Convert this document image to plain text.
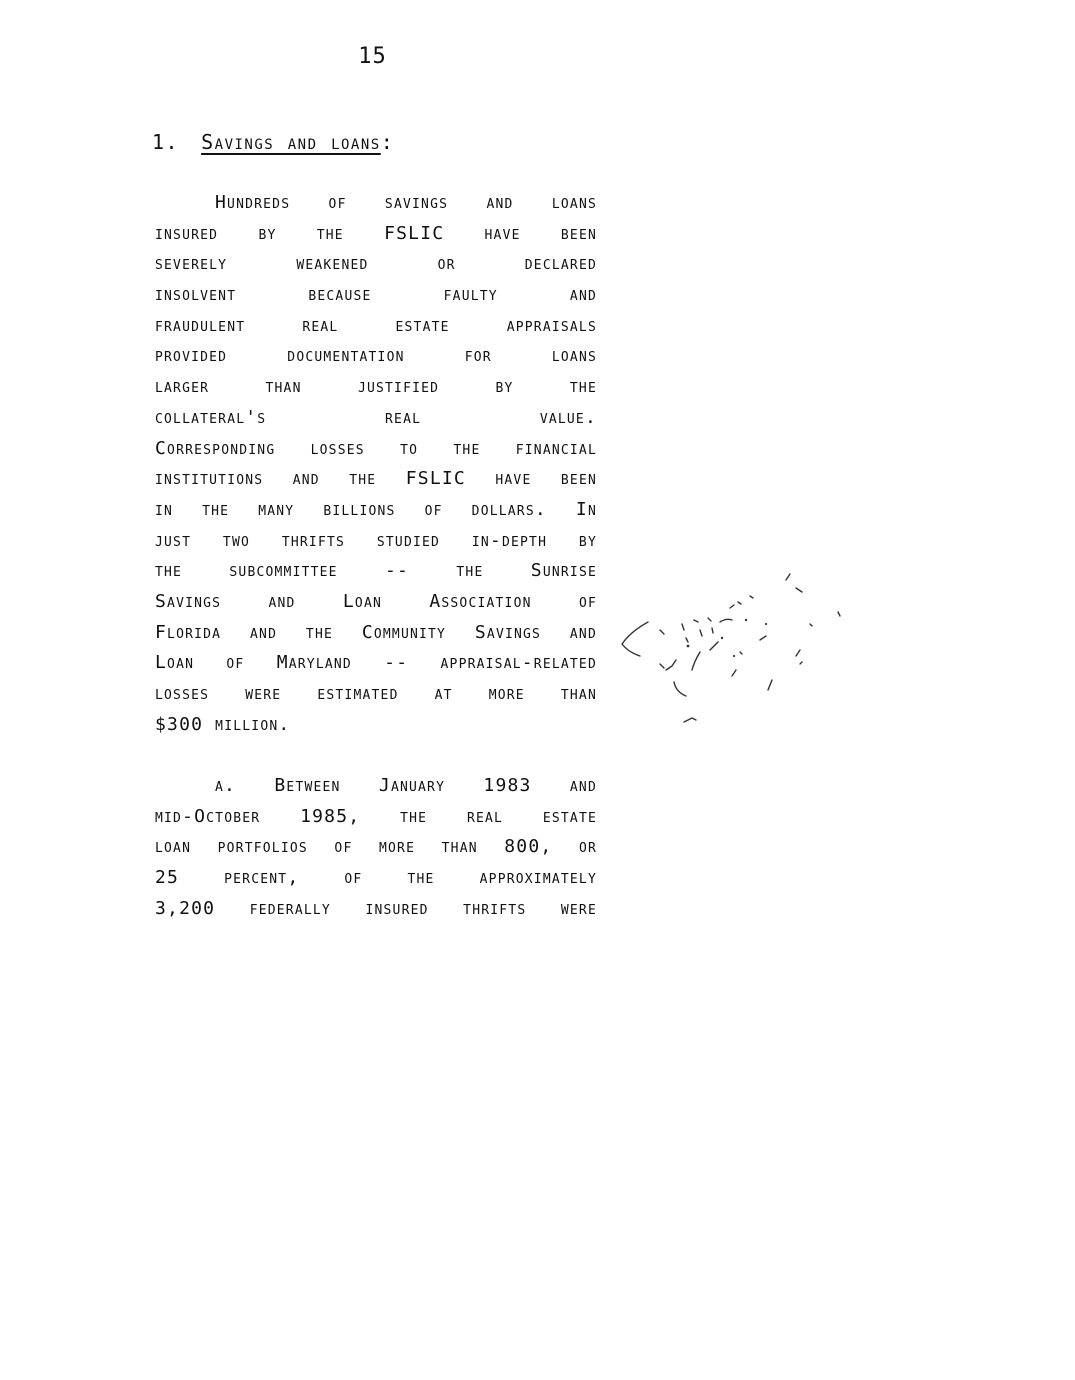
15
1. Savings and loans:
Hundreds of savings and loans
insured by the FSLIC have been
severely weakened or declared
insolvent because faulty and
fraudulent real estate appraisals
provided documentation for loans
larger than justified by the
collateral's real value.
Corresponding losses to the financial
institutions and the FSLIC have been
in the many billions of dollars. In
just two thrifts studied in-depth by
the subcommittee -- the Sunrise
Savings and Loan Association of
Florida and the Community Savings and
Loan of Maryland -- appraisal-related
losses were estimated at more than
$300 million.
a. Between January 1983 and
mid-October 1985, the real estate
loan portfolios of more than 800, or
25 percent, of the approximately
3,200 federally insured thrifts were
